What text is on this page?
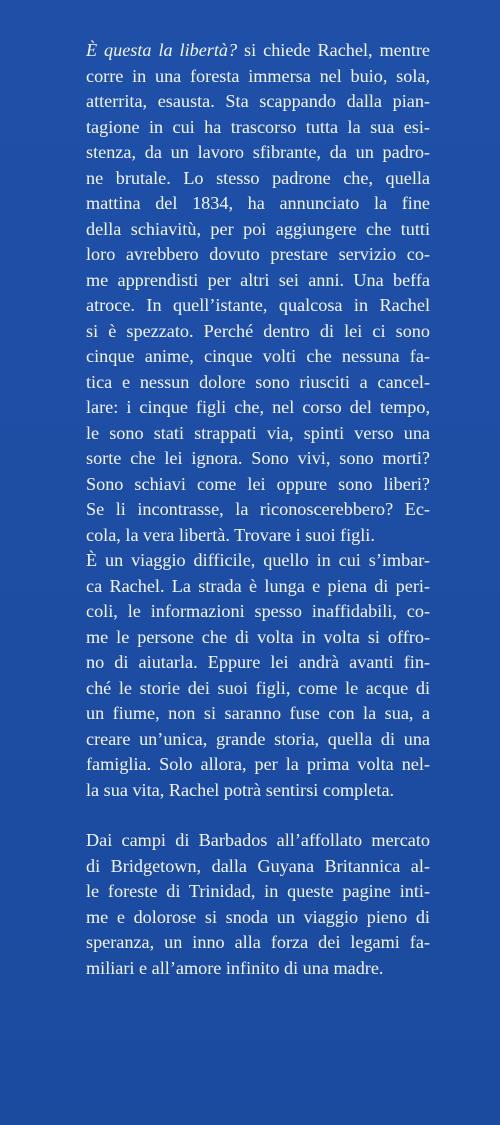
È questa la libertà? si chiede Rachel, mentre
corre in una foresta immersa nel buio, sola,
atterrita, esausta. Sta scappando dalla pian-
tagione in cui ha trascorso tutta la sua esi-
stenza, da un lavoro sfibrante, da un padro-
ne brutale. Lo stesso padrone che, quella
mattina del 1834, ha annunciato la fine
della schiavitù, per poi aggiungere che tutti
loro avrebbero dovuto prestare servizio co-
me apprendisti per altri sei anni. Una beffa
atroce. In quell’istante, qualcosa in Rachel
si è spezzato. Perché dentro di lei ci sono
cinque anime, cinque volti che nessuna fa-
tica e nessun dolore sono riusciti a cancel-
lare: i cinque figli che, nel corso del tempo,
le sono stati strappati via, spinti verso una
sorte che lei ignora. Sono vivi, sono morti?
Sono schiavi come lei oppure sono liberi?
Se li incontrasse, la riconoscerebbero? Ec-
cola, la vera libertà. Trovare i suoi figli.
È un viaggio difficile, quello in cui s’imbar-
ca Rachel. La strada è lunga e piena di peri-
coli, le informazioni spesso inaffidabili, co-
me le persone che di volta in volta si offro-
no di aiutarla. Eppure lei andrà avanti fin-
ché le storie dei suoi figli, come le acque di
un fiume, non si saranno fuse con la sua, a
creare un’unica, grande storia, quella di una
famiglia. Solo allora, per la prima volta nel-
la sua vita, Rachel potrà sentirsi completa.
Dai campi di Barbados all’affollato mercato
di Bridgetown, dalla Guyana Britannica al-
le foreste di Trinidad, in queste pagine inti-
me e dolorose si snoda un viaggio pieno di
speranza, un inno alla forza dei legami fa-
miliari e all’amore infinito di una madre.
